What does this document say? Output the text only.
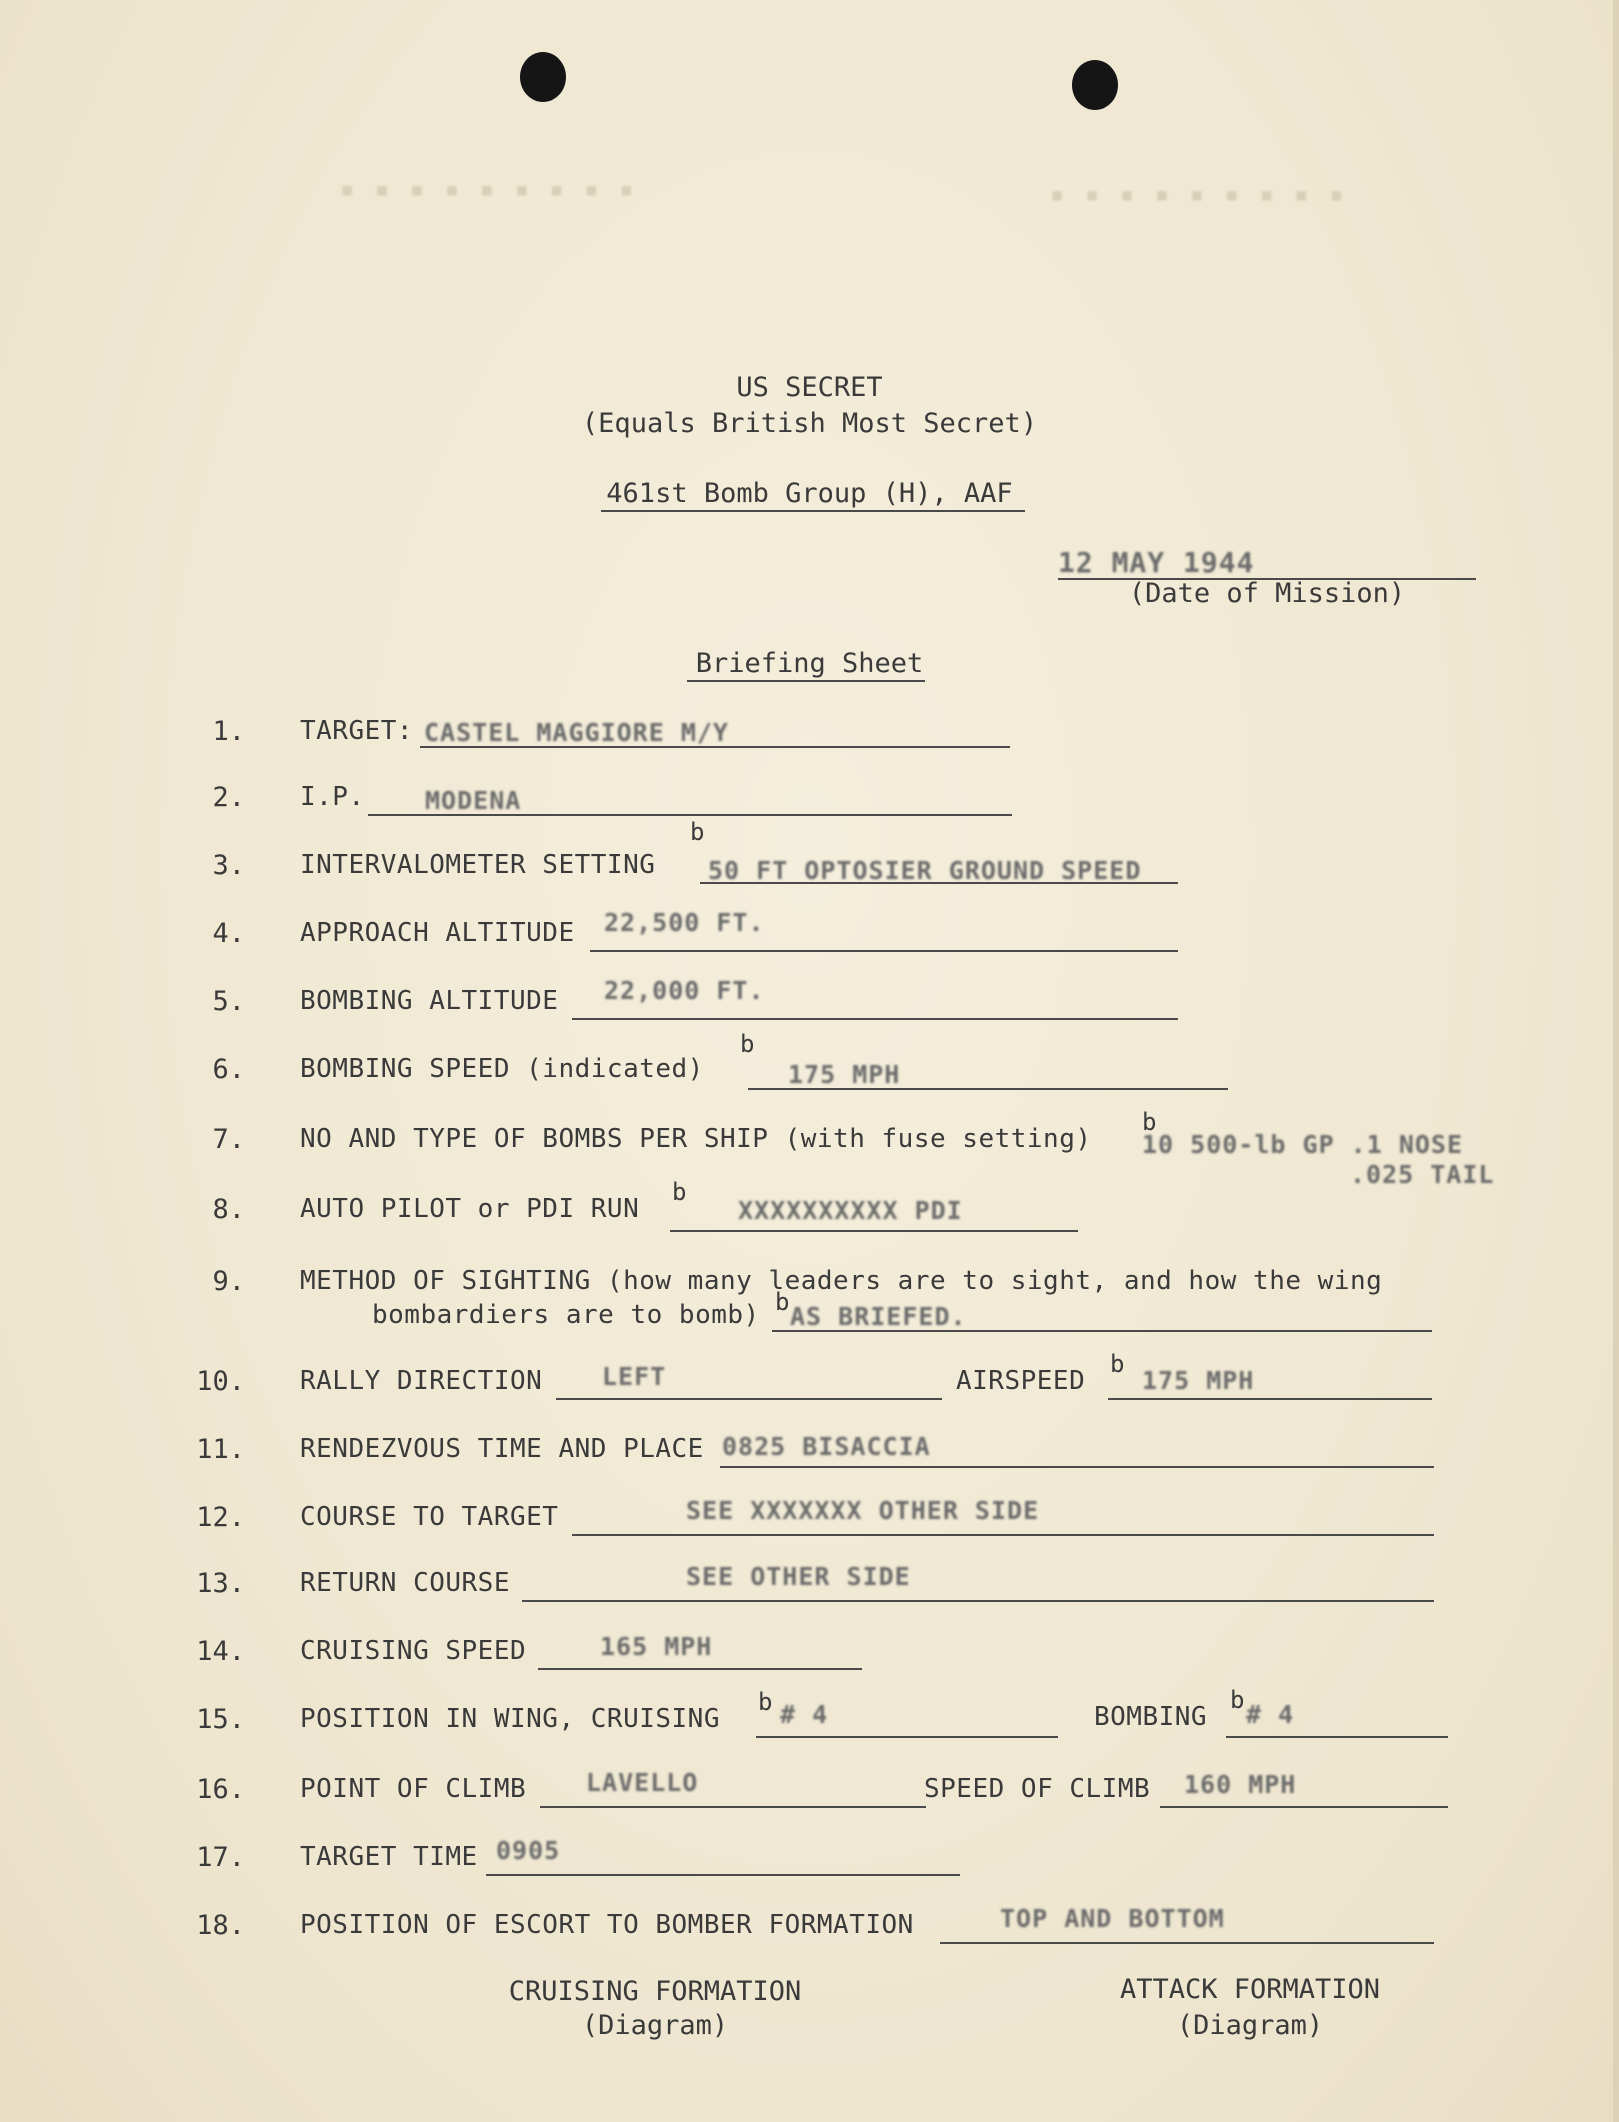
▪ ▪ ▪ ▪ ▪ ▪ ▪ ▪ ▪	▪ ▪ ▪ ▪ ▪ ▪ ▪ ▪ ▪
US SECRET
(Equals British Most Secret)
461st Bomb Group (H), AAF
12 MAY 1944
(Date of Mission)
Briefing Sheet
1. TARGET: CASTEL MAGGIORE M/Y
2. I.P. MODENA
3. INTERVALOMETER SETTING
b
50 FT OPTOSIER GROUND SPEED
4. APPROACH ALTITUDE 22,500 FT.
5. BOMBING ALTITUDE 22,000 FT.
6. BOMBING SPEED (indicated)
b
175 MPH
7. NO AND TYPE OF BOMBS PER SHIP (with fuse setting)
b
10 500-lb GP .1 NOSE
.025 TAIL
8. AUTO PILOT or PDI RUN
b
XXXXXXXXXX PDI
9. METHOD OF SIGHTING (how many leaders are to sight, and how the wing
bombardiers are to bomb) b AS BRIEFED.
10. RALLY DIRECTION LEFT	AIRSPEED
b
175 MPH
11. RENDEZVOUS TIME AND PLACE 0825 BISACCIA
12. COURSE TO TARGET	SEE XXXXXXX OTHER SIDE
13. RETURN COURSE	SEE OTHER SIDE
14. CRUISING SPEED	165 MPH
15. POSITION IN WING, CRUISING
b # 4	BOMBING
b # 4
16. POINT OF CLIMB LAVELLO	SPEED OF CLIMB 160 MPH
17. TARGET TIME 0905
18. POSITION OF ESCORT TO BOMBER FORMATION	TOP AND BOTTOM
CRUISING FORMATION
(Diagram)
ATTACK FORMATION
(Diagram)
